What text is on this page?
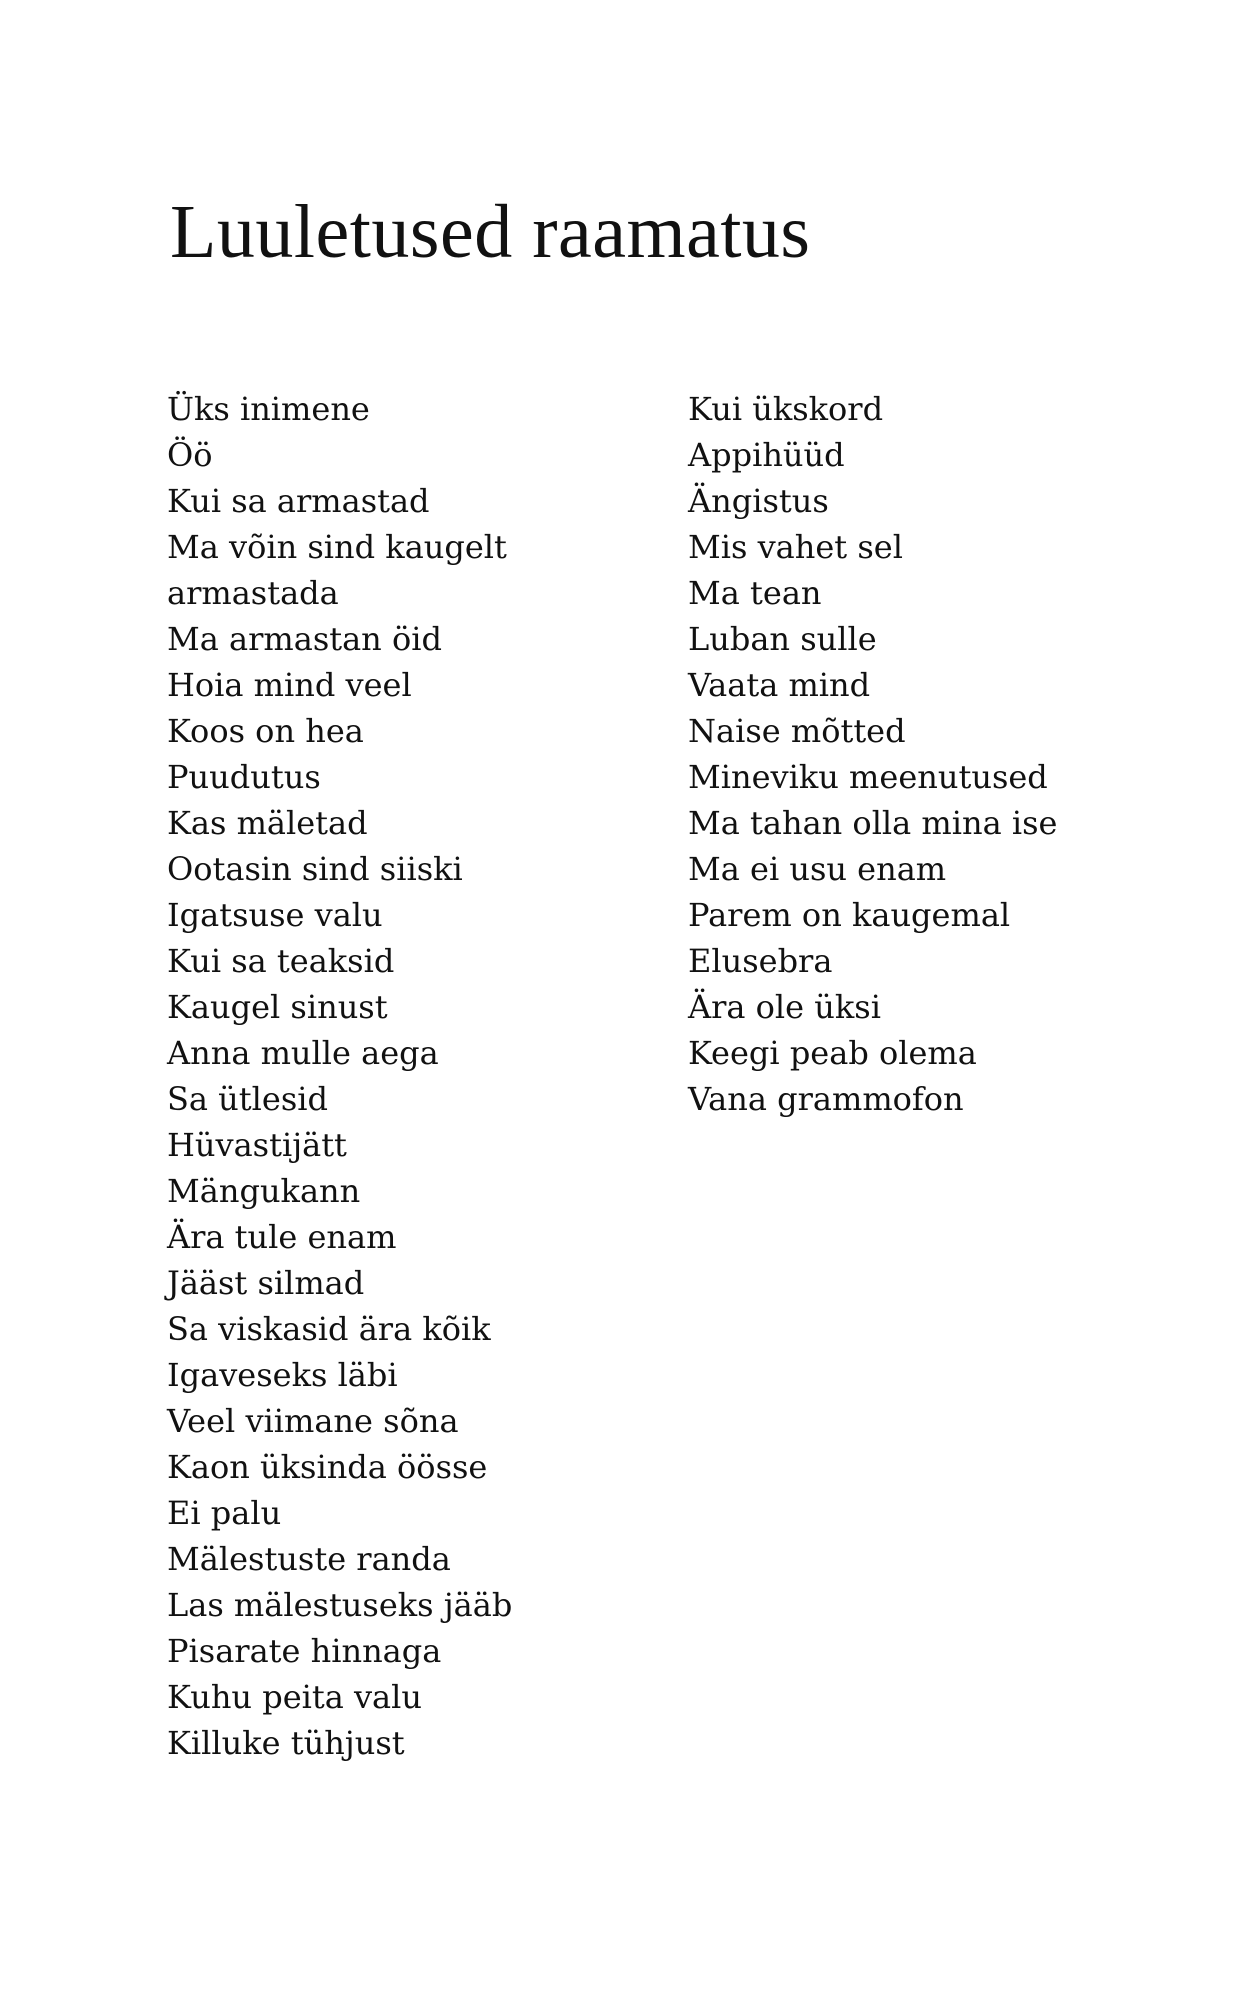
Luuletused raamatus
Üks inimene
Öö
Kui sa armastad
Ma võin sind kaugelt
armastada
Ma armastan öid
Hoia mind veel
Koos on hea
Puudutus
Kas mäletad
Ootasin sind siiski
Igatsuse valu
Kui sa teaksid
Kaugel sinust
Anna mulle aega
Sa ütlesid
Hüvastijätt
Mängukann
Ära tule enam
Jääst silmad
Sa viskasid ära kõik
Igaveseks läbi
Veel viimane sõna
Kaon üksinda öösse
Ei palu
Mälestuste randa
Las mälestuseks jääb
Pisarate hinnaga
Kuhu peita valu
Killuke tühjust
Kui ükskord
Appihüüd
Ängistus
Mis vahet sel
Ma tean
Luban sulle
Vaata mind
Naise mõtted
Mineviku meenutused
Ma tahan olla mina ise
Ma ei usu enam
Parem on kaugemal
Elusebra
Ära ole üksi
Keegi peab olema
Vana grammofon
